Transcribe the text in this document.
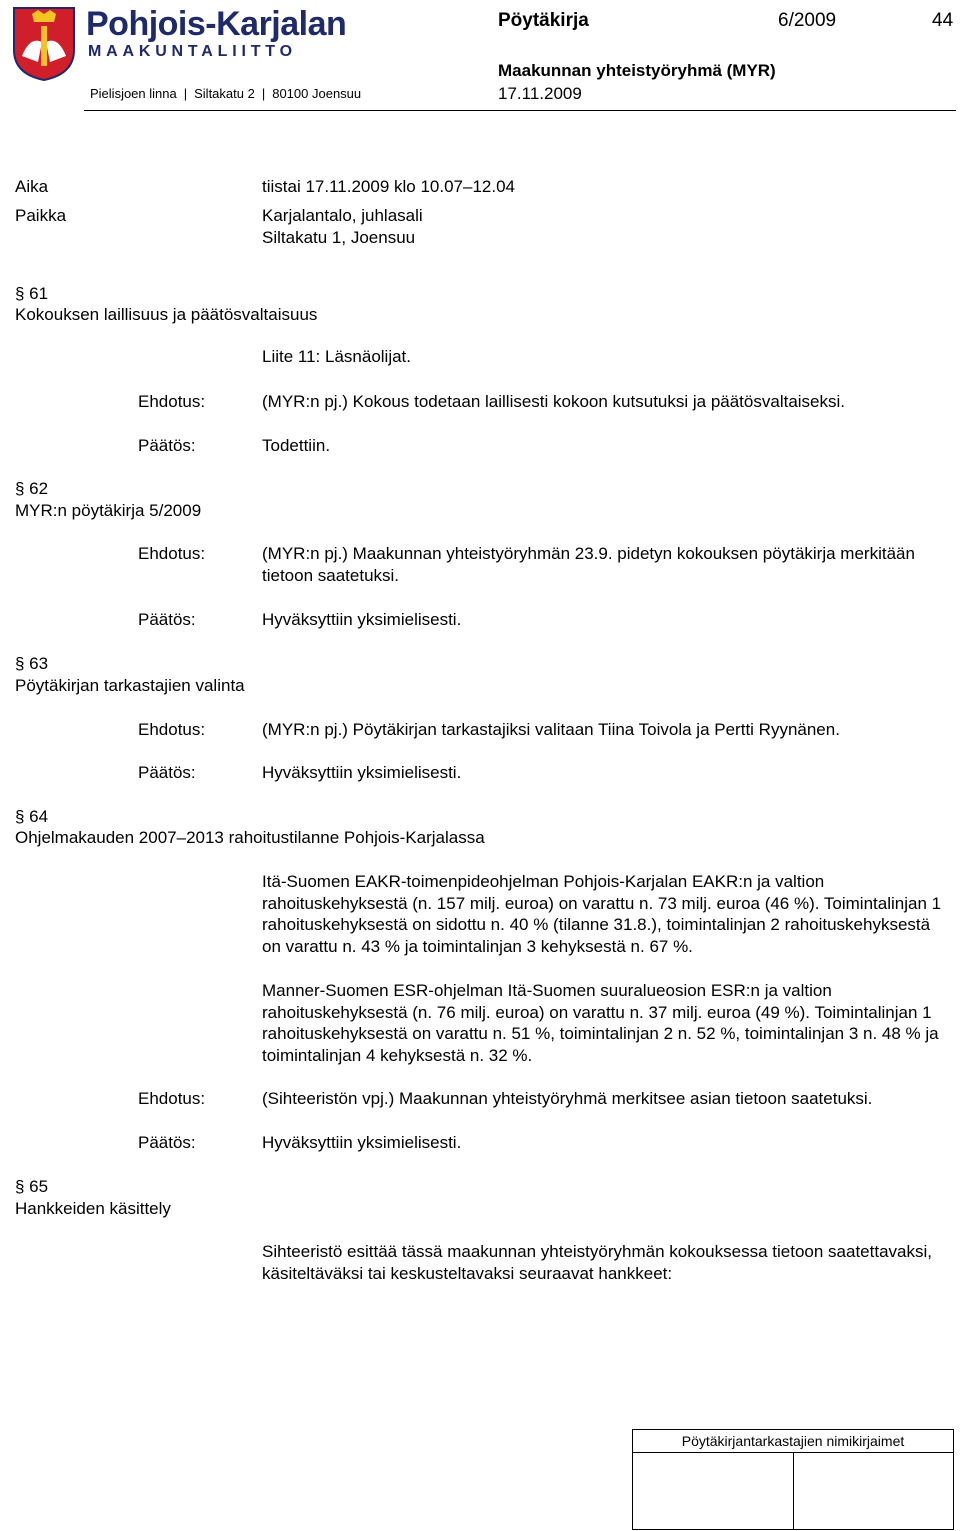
Pohjois-Karjalan
MAAKUNTALIITTO
Pielisjoen linna | Siltakatu 2 | 80100 Joensuu
Pöytäkirja	6/2009	44
Maakunnan yhteistyöryhmä (MYR)
17.11.2009
Aika	tiistai 17.11.2009 klo 10.07–12.04
Paikka	Karjalantalo, juhlasali
Siltakatu 1, Joensuu
§ 61
Kokouksen laillisuus ja päätösvaltaisuus
Liite 11: Läsnäolijat.
Ehdotus:	(MYR:n pj.) Kokous todetaan laillisesti kokoon kutsutuksi ja päätösvaltaiseksi.
Päätös:	Todettiin.
§ 62
MYR:n pöytäkirja 5/2009
Ehdotus:	(MYR:n pj.) Maakunnan yhteistyöryhmän 23.9. pidetyn kokouksen pöytäkirja merkitään tietoon saatetuksi.
Päätös:	Hyväksyttiin yksimielisesti.
§ 63
Pöytäkirjan tarkastajien valinta
Ehdotus:	(MYR:n pj.) Pöytäkirjan tarkastajiksi valitaan Tiina Toivola ja Pertti Ryynänen.
Päätös:	Hyväksyttiin yksimielisesti.
§ 64
Ohjelmakauden 2007–2013 rahoitustilanne Pohjois-Karjalassa
Itä-Suomen EAKR-toimenpideohjelman Pohjois-Karjalan EAKR:n ja valtion rahoituskehyksestä (n. 157 milj. euroa) on varattu n. 73 milj. euroa (46 %). Toimintalinjan 1 rahoituskehyksestä on sidottu n. 40 % (tilanne 31.8.), toimintalinjan 2 rahoituskehyksestä on varattu n. 43 % ja toimintalinjan 3 kehyksestä n. 67 %.
Manner-Suomen ESR-ohjelman Itä-Suomen suuralueosion ESR:n ja valtion rahoituskehyksestä (n. 76 milj. euroa) on varattu n. 37 milj. euroa (49 %). Toimintalinjan 1 rahoituskehyksestä on varattu n. 51 %, toimintalinjan 2 n. 52 %, toimintalinjan 3 n. 48 % ja toimintalinjan 4 kehyksestä n. 32 %.
Ehdotus:	(Sihteeristön vpj.) Maakunnan yhteistyöryhmä merkitsee asian tietoon saatetuksi.
Päätös:	Hyväksyttiin yksimielisesti.
§ 65
Hankkeiden käsittely
Sihteeristö esittää tässä maakunnan yhteistyöryhmän kokouksessa tietoon saatettavaksi, käsiteltäväksi tai keskusteltavaksi seuraavat hankkeet:
Pöytäkirjantarkastajien nimikirjaimet
